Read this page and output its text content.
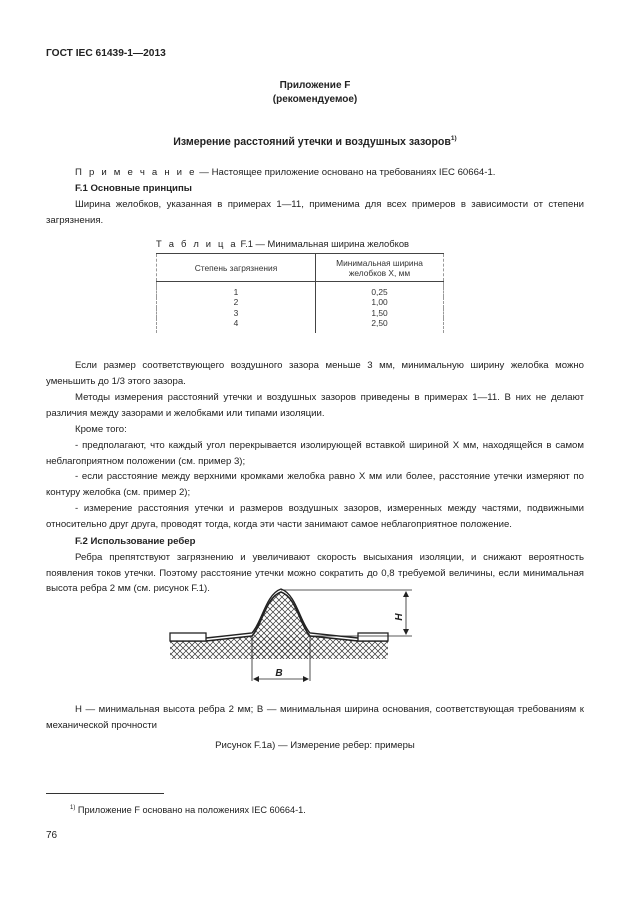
ГОСТ IEC 61439-1—2013
Приложение F
(рекомендуемое)
Измерение расстояний утечки и воздушных зазоров$^{1)}$
П р и м е ч а н и е — Настоящее приложение основано на требованиях IEC 60664-1.
F.1 Основные принципы
Ширина желобков, указанная в примерах 1—11, применима для всех примеров в зависимости от степени загрязнения.
Т а б л и ц а F.1 — Минимальная ширина желобков
Степень загрязнения	Минимальная ширина желобков X, мм

1	0,25
2	1,00
3	1,50
4	2,50
Если размер соответствующего воздушного зазора меньше 3 мм, минимальную ширину желобка можно уменьшить до 1/3 этого зазора.
Методы измерения расстояний утечки и воздушных зазоров приведены в примерах 1—11. В них не делают различия между зазорами и желобками или типами изоляции.
Кроме того:
- предполагают, что каждый угол перекрывается изолирующей вставкой шириной X мм, находящейся в самом неблагоприятном положении (см. пример 3);
- если расстояние между верхними кромками желобка равно X мм или более, расстояние утечки измеряют по контуру желобка (см. пример 2);
- измерение расстояния утечки и размеров воздушных зазоров, измеренных между частями, подвижными относительно друг друга, проводят тогда, когда эти части занимают самое неблагоприятное положение.
F.2 Использование ребер
Ребра препятствуют загрязнению и увеличивают скорость высыхания изоляции, и снижают вероятность появления токов утечки. Поэтому расстояние утечки можно сократить до 0,8 требуемой величины, если минимальная высота ребра 2 мм (см. рисунок F.1).
H
B
H — минимальная высота ребра 2 мм; B — минимальная ширина основания, соответствующая требованиям к механической прочности
Рисунок F.1a) — Измерение ребер: примеры
$^{1)}$ Приложение F основано на положениях IEC 60664-1.
76
